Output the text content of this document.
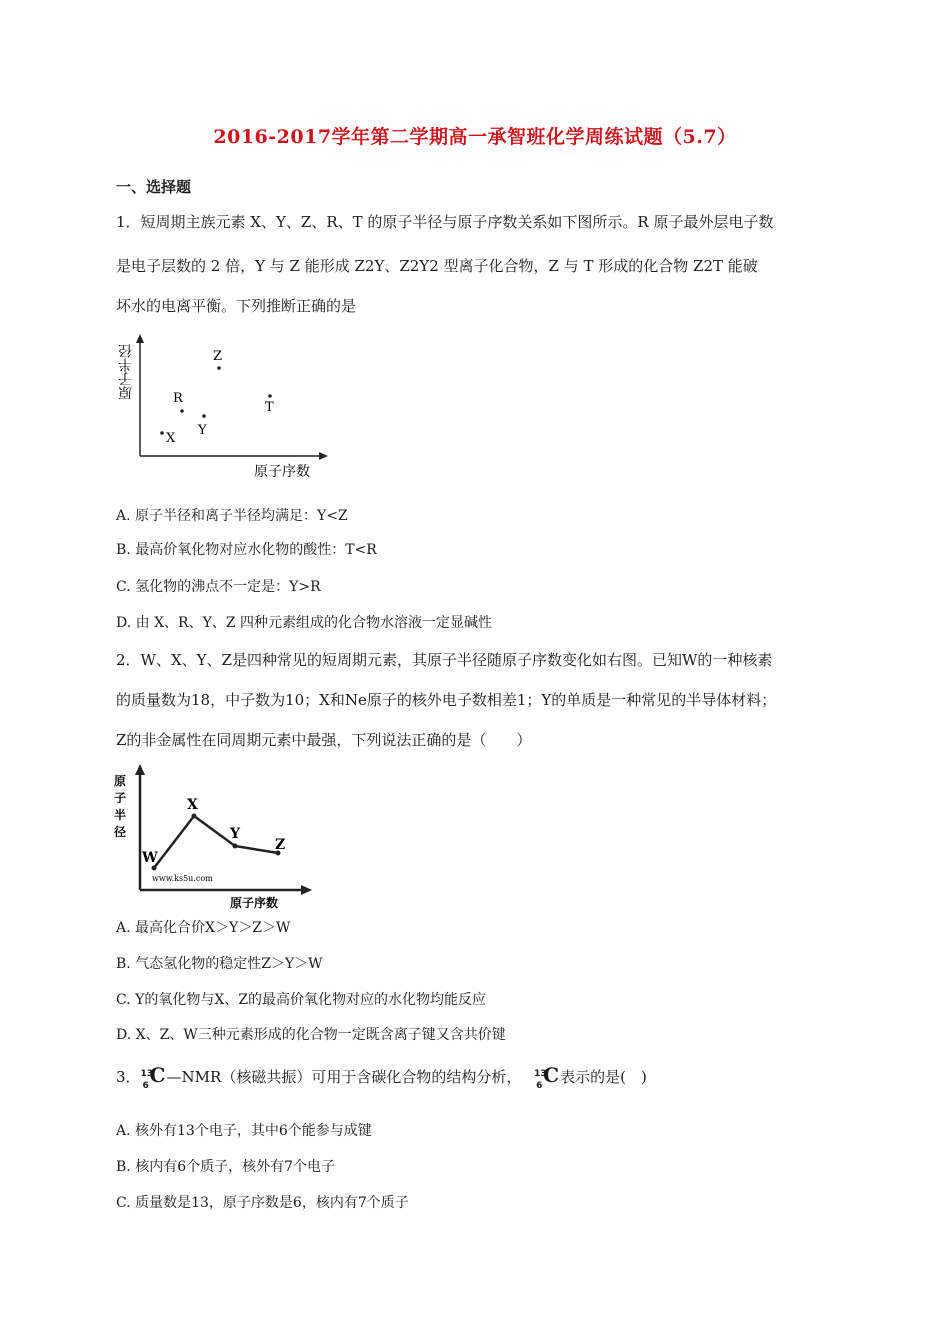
2016-2017学年第二学期高一承智班化学周练试题（5.7）
一、选择题
1．短周期主族元素 X、Y、Z、R、T 的原子半径与原子序数关系如下图所示。R 原子最外层电子数
是电子层数的 2 倍，Y 与 Z 能形成 Z2Y、Z2Y2 型离子化合物，Z 与 T 形成的化合物 Z2T 能破
坏水的电离平衡。下列推断正确的是
原子半径
原子序数
X
R
Y
Z
T
A. 原子半径和离子半径均满足：Y<Z
B. 最高价氧化物对应水化物的酸性：T<R
C. 氢化物的沸点不一定是：Y>R
D. 由 X、R、Y、Z 四种元素组成的化合物水溶液一定显碱性
2．W、X、Y、Z是四种常见的短周期元素，其原子半径随原子序数变化如右图。已知W的一种核素
的质量数为18，中子数为10；X和Ne原子的核外电子数相差1；Y的单质是一种常见的半导体材料；
Z的非金属性在同周期元素中最强，下列说法正确的是（　　）
原
子
半
径
原子序数
W
X
Y
Z
www.ks5u.com
A. 最高化合价X＞Y＞Z＞W
B. 气态氢化物的稳定性Z＞Y＞W
C. Y的氧化物与X、Z的最高价氧化物对应的水化物均能反应
D. X、Z、W三种元素形成的化合物一定既含离子键又含共价键
3． 13
6 C —NMR（核磁共振）可用于含碳化合物的结构分析， 13
6 C 表示的是(　)
A. 核外有13个电子，其中6个能参与成键
B. 核内有6个质子，核外有7个电子
C. 质量数是13，原子序数是6，核内有7个质子
